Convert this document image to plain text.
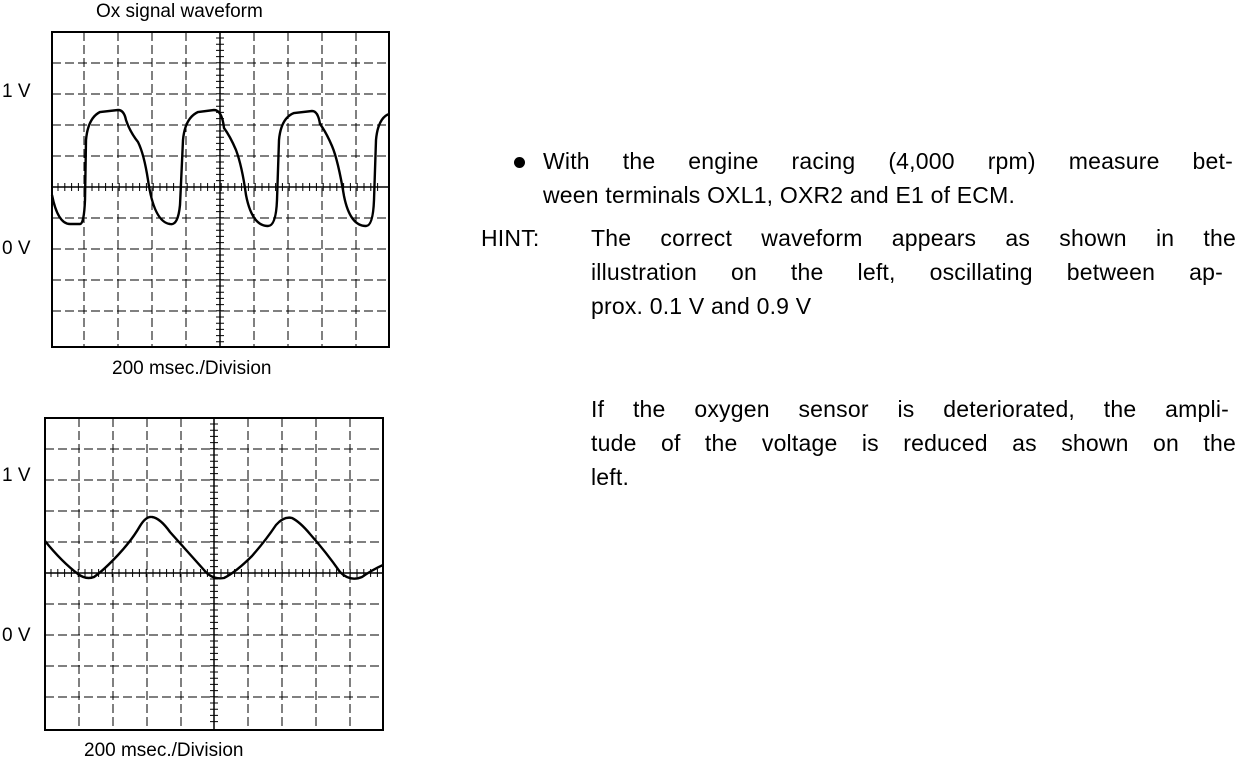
Ox signal waveform
1 V
0 V
200 msec./Division
1 V
0 V
200 msec./Division
With the engine racing (4,000 rpm) measure bet-
ween terminals OXL1, OXR2 and E1 of ECM.
HINT: The correct waveform appears as shown in the
illustration on the left, oscillating between ap-
prox. 0.1 V and 0.9 V
If the oxygen sensor is deteriorated, the ampli-
tude of the voltage is reduced as shown on the
left.
